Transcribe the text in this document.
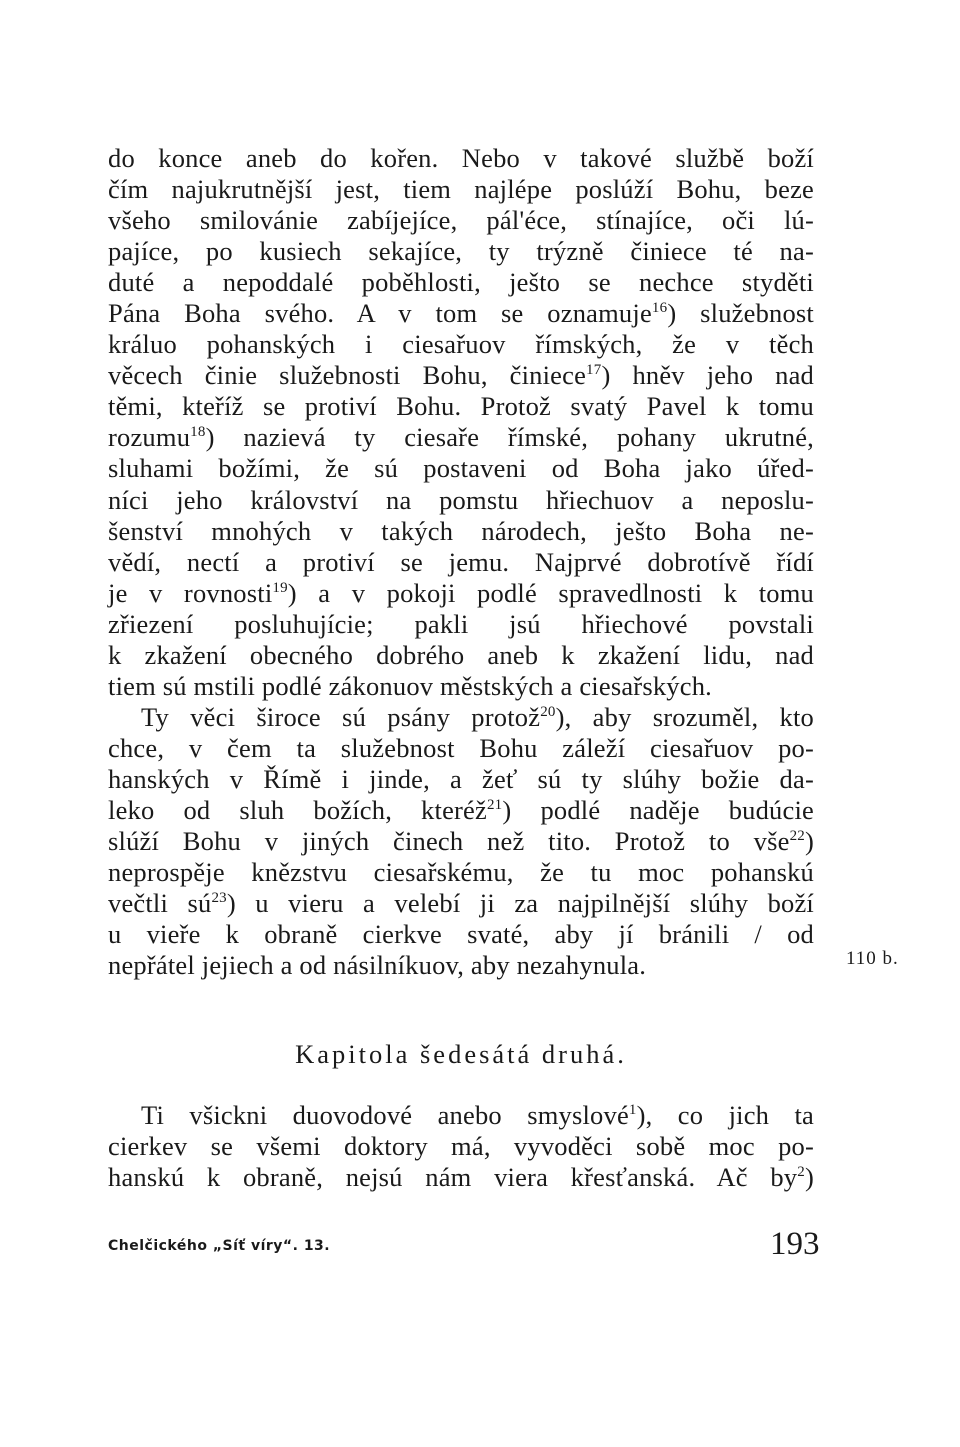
do konce aneb do kořen. Nebo v takové službě boží
čím najukrutnější jest, tiem najlépe poslúží Bohu, beze
všeho smilovánie zabíjejíce, pál'éce, stínajíce, oči lú-
pajíce, po kusiech sekajíce, ty trýzně činiece té na-
duté a nepoddalé poběhlosti, ješto se nechce styděti
Pána Boha svého. A v tom se oznamuje$^{16}$) služebnost
králuo pohanských i ciesařuov římských, že v těch
věcech činie služebnosti Bohu, činiece$^{17}$) hněv jeho nad
těmi, kteříž se protiví Bohu. Protož svatý Pavel k tomu
rozumu$^{18}$) nazievá ty ciesaře římské, pohany ukrutné,
sluhami božími, že sú postaveni od Boha jako úřed-
níci jeho království na pomstu hřiechuov a neposlu-
šenství mnohých v takých národech, ješto Boha ne-
vědí, nectí a protiví se jemu. Najprvé dobrotívě řídí
je v rovnosti$^{19}$) a v pokoji podlé spravedlnosti k tomu
zřiezení posluhujície; pakli jsú hřiechové povstali
k zkažení obecného dobrého aneb k zkažení lidu, nad
tiem sú mstili podlé zákonuov městských a ciesařských.
Ty věci široce sú psány protož$^{20}$), aby srozuměl, kto
chce, v čem ta služebnost Bohu záleží ciesařuov po-
hanských v Římě i jinde, a žeť sú ty slúhy božie da-
leko od sluh božích, kteréž$^{21}$) podlé naděje budúcie
slúží Bohu v jiných činech než tito. Protož to vše$^{22}$)
neprospěje knězstvu ciesařskému, že tu moc pohanskú
večtli $sú^{23}$) u vieru a velebí ji za najpilnější slúhy boží
u vieře k obraně cierkve svaté, aby jí bránili / od
nepřátel jejiech a od násilníkuov, aby nezahynula.
Kapitola šedesátá druhá.
Ti všickni duovodové anebo smyslové$^1$), co jich ta
cierkev se všemi doktory má, vyvoděci sobě moc po-
hanskú k obraně, nejsú nám viera křesťanská. Ač $by^2$)
110 b.
Chelčického „Síť víry“. 13.	193
